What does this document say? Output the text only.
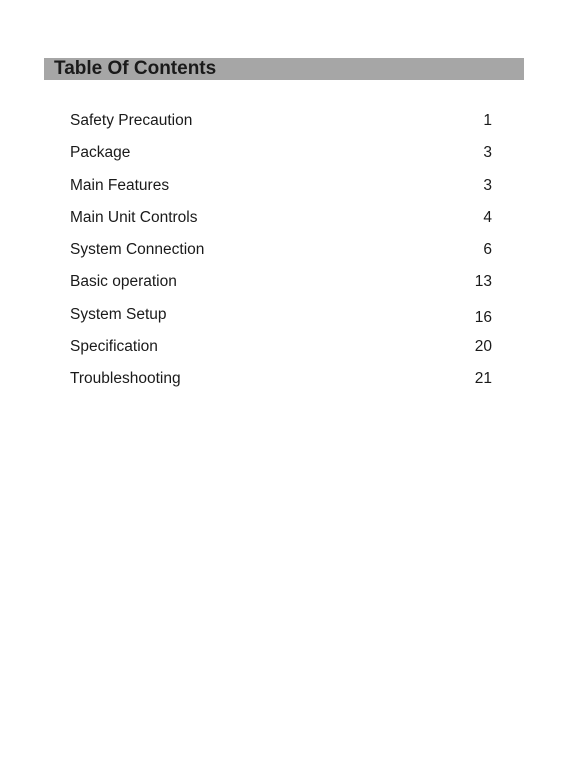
Table Of Contents
Safety Precaution	1
Package	3
Main Features	3
Main Unit Controls	4
System Connection	6
Basic operation	13
System Setup	16
Specification	20
Troubleshooting	21
